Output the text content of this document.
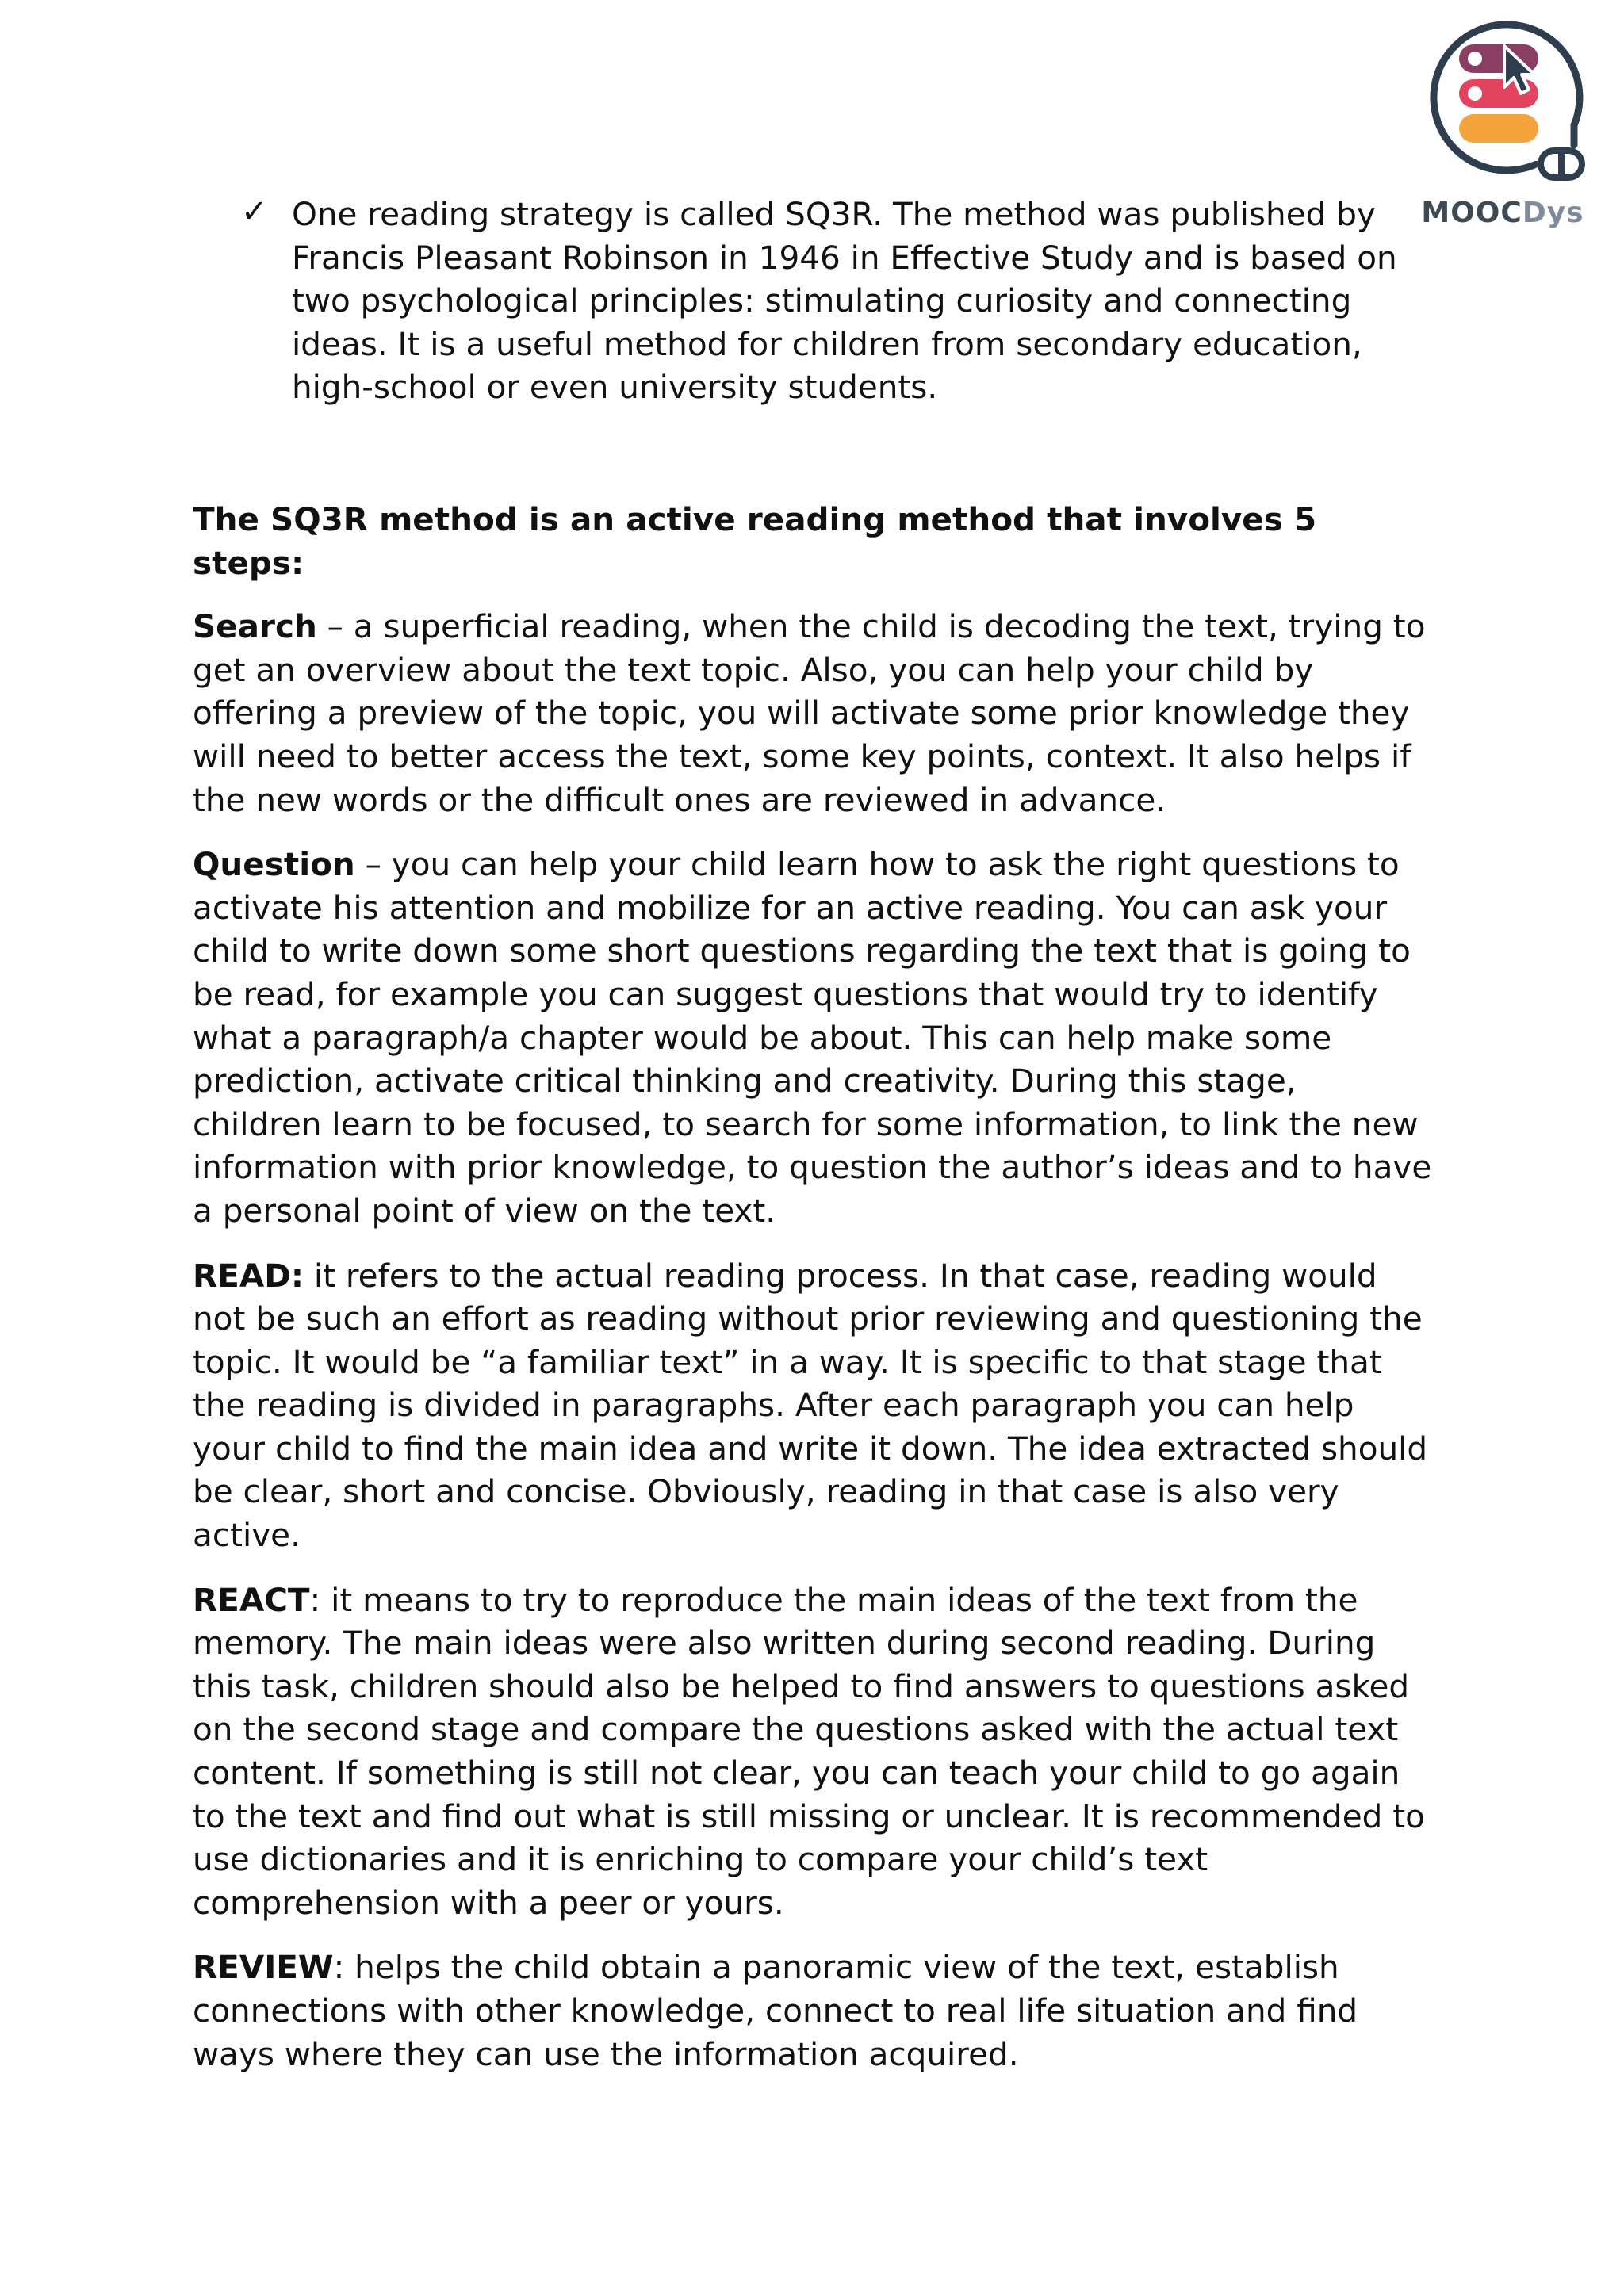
MOOCDys
✓ One reading strategy is called SQ3R. The method was published by Francis Pleasant Robinson in 1946 in Effective Study and is based on two psychological principles: stimulating curiosity and connecting ideas. It is a useful method for children from secondary education, high-school or even university students.

The SQ3R method is an active reading method that involves 5 steps:

Search – a superficial reading, when the child is decoding the text, trying to get an overview about the text topic. Also, you can help your child by offering a preview of the topic, you will activate some prior knowledge they will need to better access the text, some key points, context. It also helps if the new words or the difficult ones are reviewed in advance.

Question – you can help your child learn how to ask the right questions to activate his attention and mobilize for an active reading. You can ask your child to write down some short questions regarding the text that is going to be read, for example you can suggest questions that would try to identify what a paragraph/a chapter would be about. This can help make some prediction, activate critical thinking and creativity. During this stage, children learn to be focused, to search for some information, to link the new information with prior knowledge, to question the author’s ideas and to have a personal point of view on the text.

READ: it refers to the actual reading process. In that case, reading would not be such an effort as reading without prior reviewing and questioning the topic. It would be “a familiar text” in a way. It is specific to that stage that the reading is divided in paragraphs. After each paragraph you can help your child to find the main idea and write it down. The idea extracted should be clear, short and concise. Obviously, reading in that case is also very active.

REACT: it means to try to reproduce the main ideas of the text from the memory. The main ideas were also written during second reading. During this task, children should also be helped to find answers to questions asked on the second stage and compare the questions asked with the actual text content. If something is still not clear, you can teach your child to go again to the text and find out what is still missing or unclear. It is recommended to use dictionaries and it is enriching to compare your child’s text comprehension with a peer or yours.

REVIEW: helps the child obtain a panoramic view of the text, establish connections with other knowledge, connect to real life situation and find ways where they can use the information acquired.
